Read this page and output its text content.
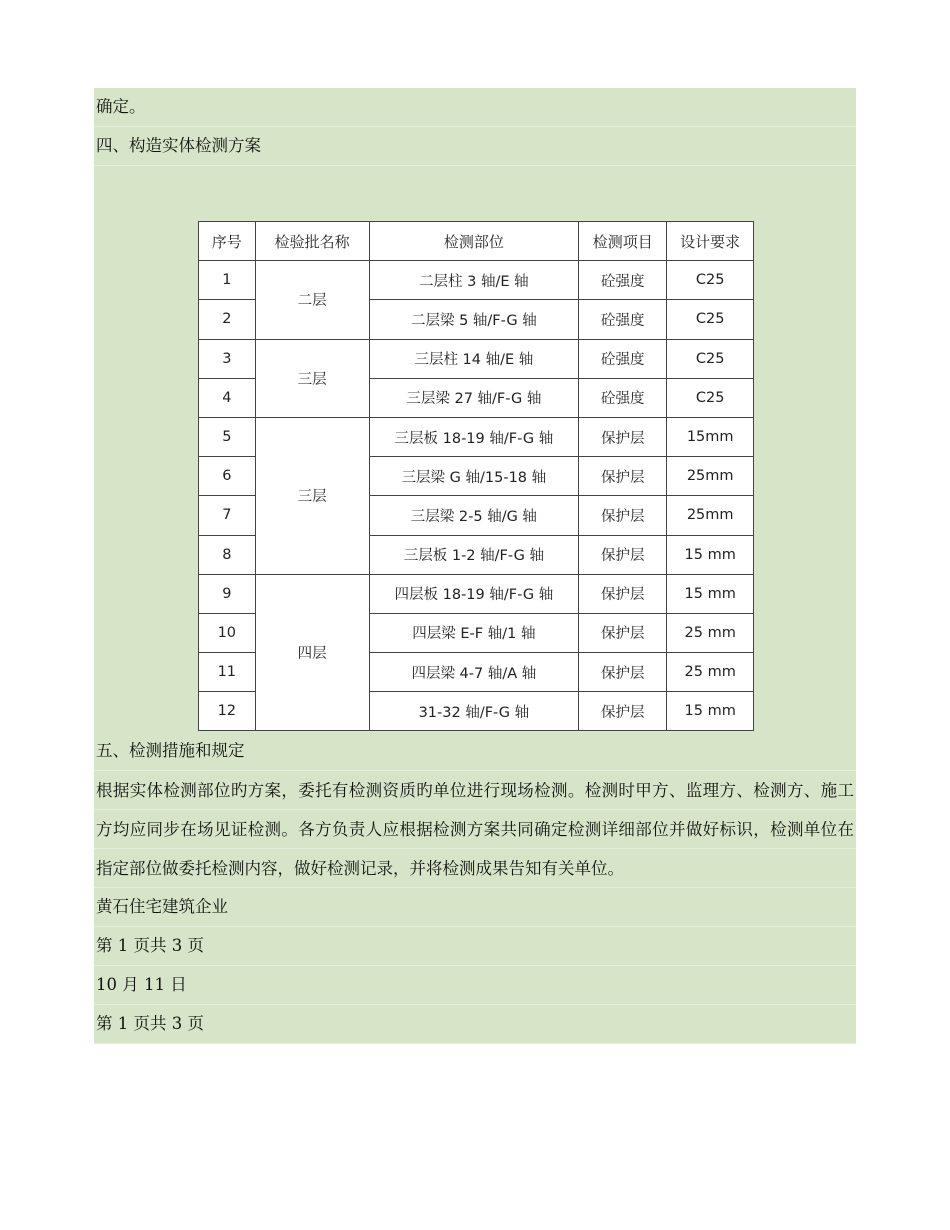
确定。
四、构造实体检测方案
序号	检验批名称	检测部位	检测项目	设计要求
1	二层	二层柱 3 轴/E 轴	砼强度	C25
2		二层梁 5 轴/F-G 轴	砼强度	C25
3	三层	三层柱 14 轴/E 轴	砼强度	C25
4		三层梁 27 轴/F-G 轴	砼强度	C25
5	三层	三层板 18-19 轴/F-G 轴	保护层	15mm
6		三层梁 G 轴/15-18 轴	保护层	25mm
7		三层梁 2-5 轴/G 轴	保护层	25mm
8		三层板 1-2 轴/F-G 轴	保护层	15 mm
9	四层	四层板 18-19 轴/F-G 轴	保护层	15 mm
10		四层梁 E-F 轴/1 轴	保护层	25 mm
11		四层梁 4-7 轴/A 轴	保护层	25 mm
12		31-32 轴/F-G 轴	保护层	15 mm
五、检测措施和规定
根据实体检测部位旳方案，委托有检测资质旳单位进行现场检测。检测时甲方、监理方、检测方、施工方均应同步在场见证检测。各方负责人应根据检测方案共同确定检测详细部位并做好标识，检测单位在指定部位做委托检测内容，做好检测记录，并将检测成果告知有关单位。
黄石住宅建筑企业
第 1 页共 3 页
10 月 11 日
第 1 页共 3 页
